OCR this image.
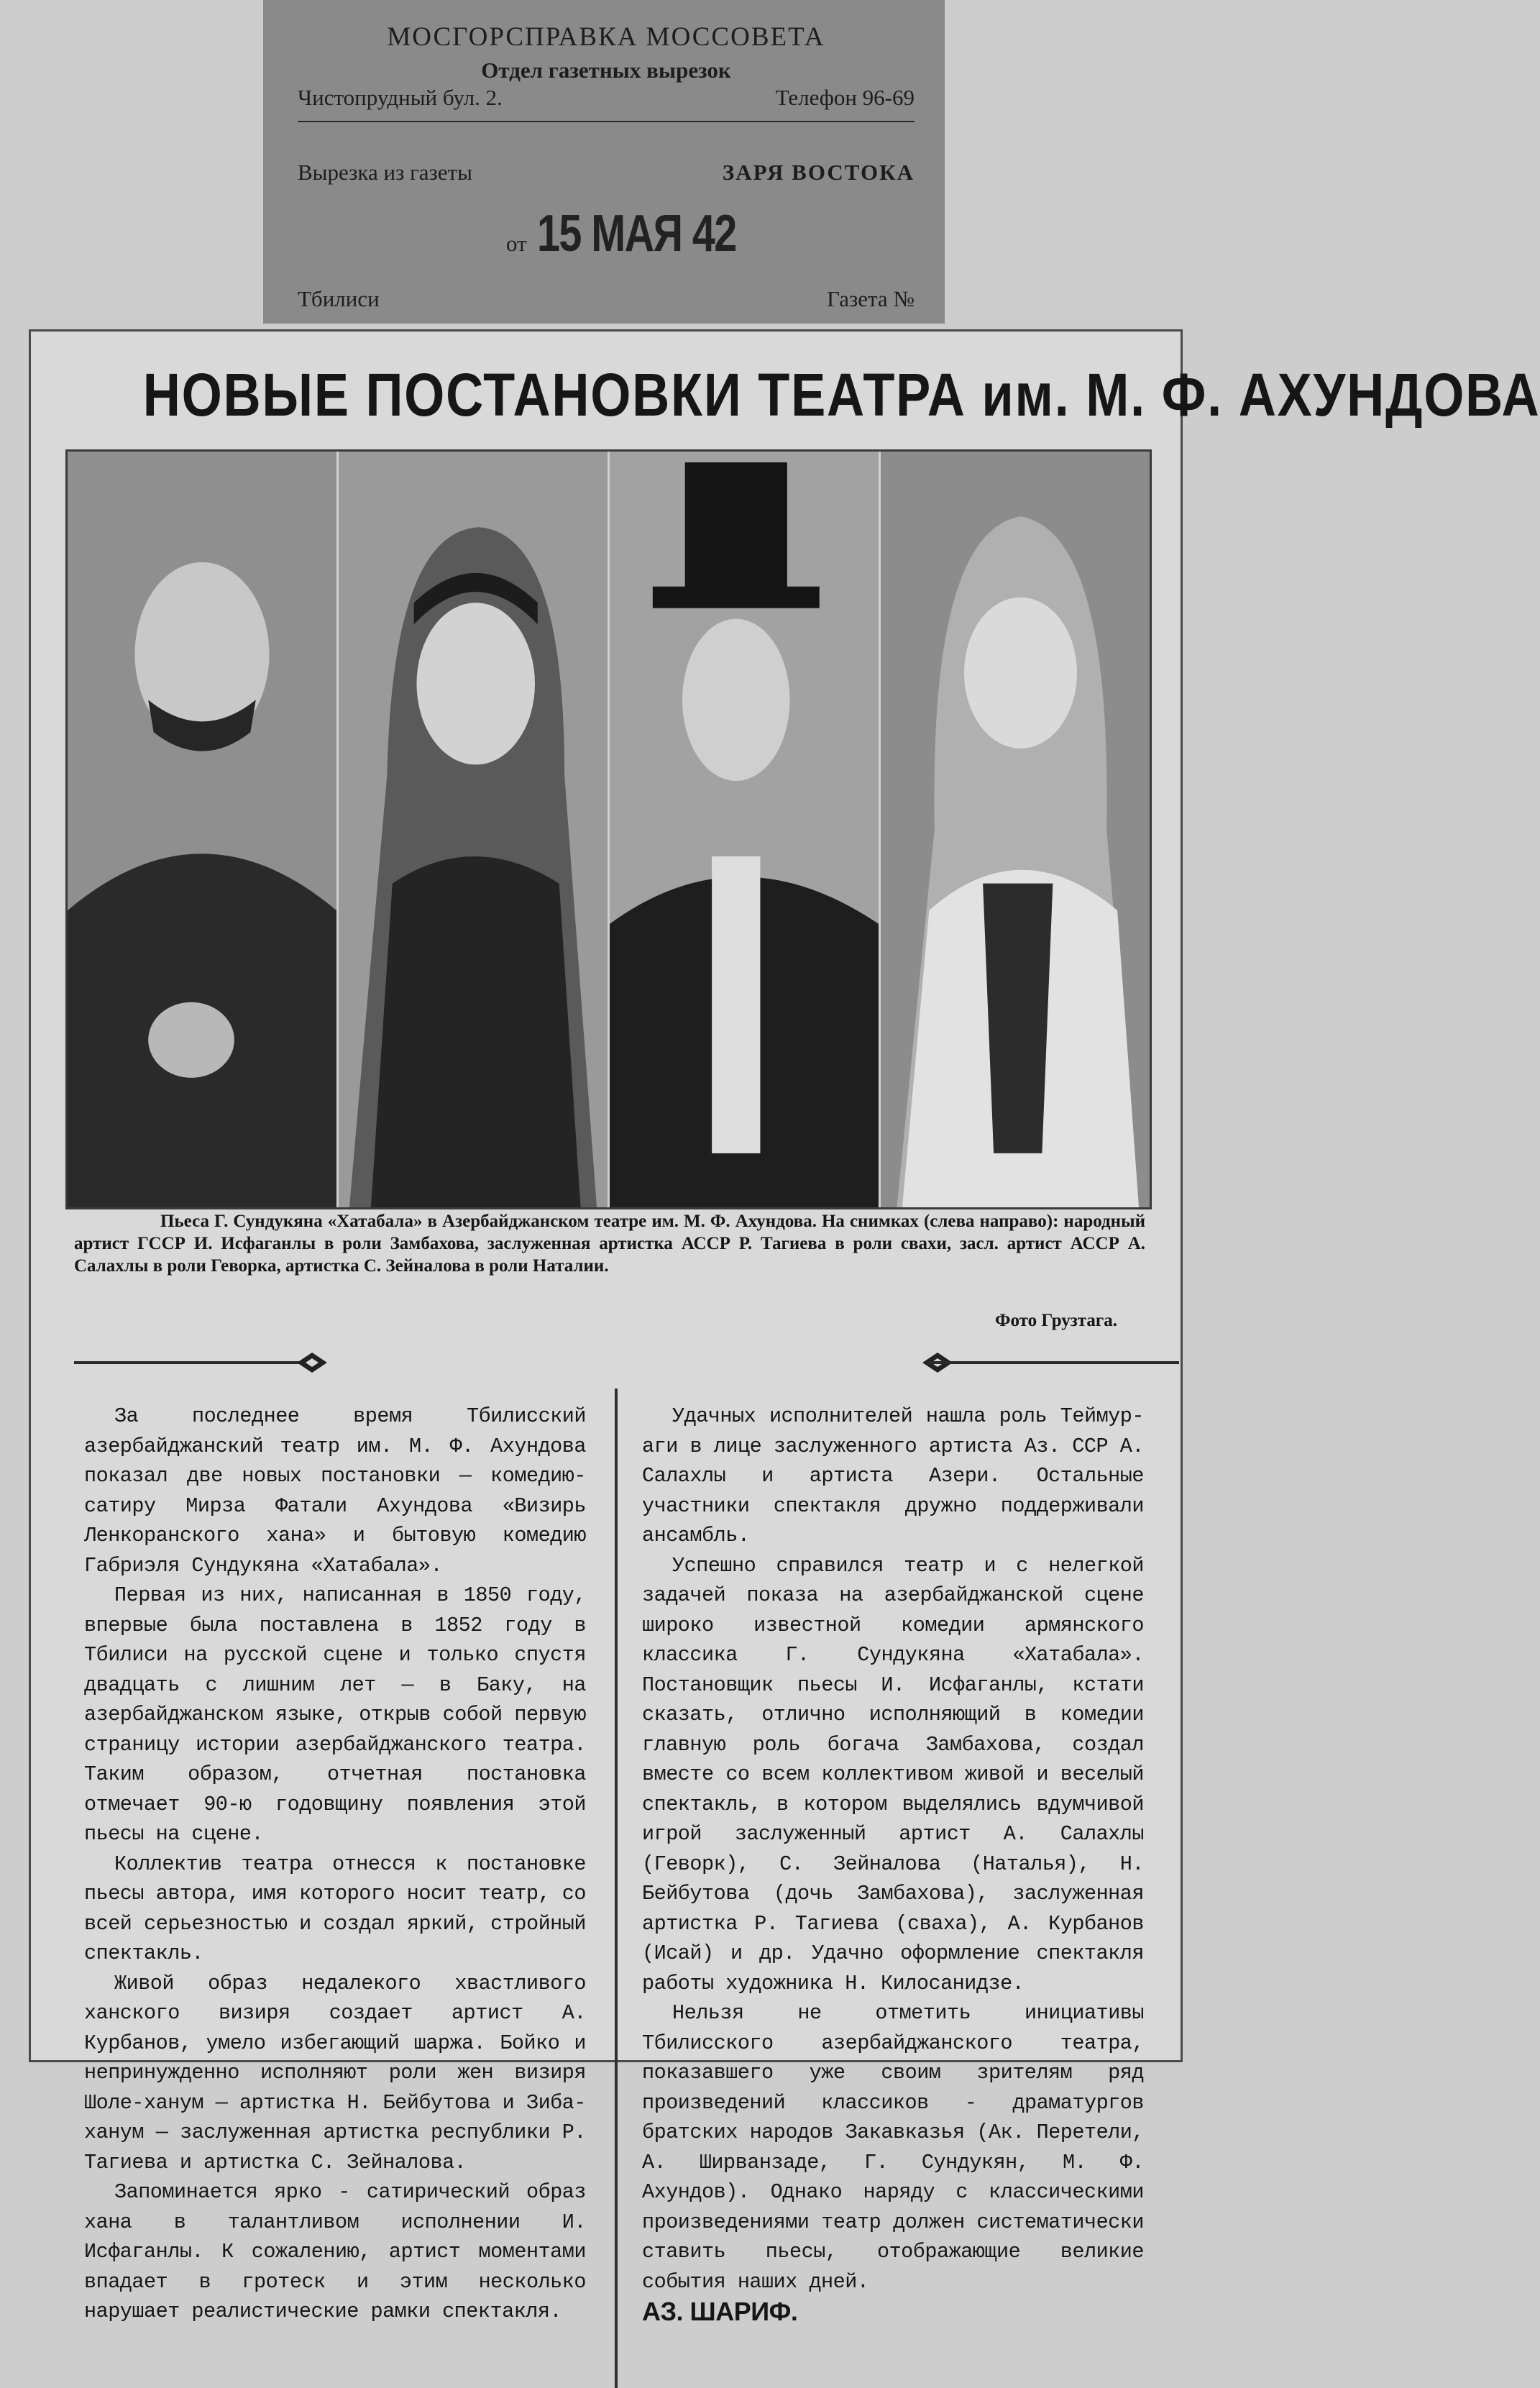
МОСГОРСПРАВКА МОССОВЕТА
Отдел газетных вырезок
Чистопрудный бул. 2.	Телефон 96-69
Вырезка из газеты	ЗАРЯ ВОСТОКА
от 15 МАЯ 42
Тбилиси	Газета №
НОВЫЕ ПОСТАНОВКИ ТЕАТРА им. М. Ф. АХУНДОВА
Пьеса Г. Сундукяна «Хатабала» в Азербайджанском театре им. М. Ф. Ахундова. На снимках (слева направо): народный артист ГССР И. Исфаганлы в роли Замбахова, заслуженная артистка АССР Р. Тагиева в роли свахи, засл. артист АССР А. Салахлы в роли Геворка, артистка С. Зейналова в роли Наталии.
Фото Грузтага.

За последнее время Тбилисский азербайджанский театр им. М. Ф. Ахундова показал две новых постановки — комедию-сатиру Мирза Фатали Ахундова «Визирь Ленкоранского хана» и бытовую комедию Габриэля Сундукяна «Хатабала».

Первая из них, написанная в 1850 году, впервые была поставлена в 1852 году в Тбилиси на русской сцене и только спустя двадцать с лишним лет — в Баку, на азербайджанском языке, открыв собой первую страницу истории азербайджанского театра. Таким образом, отчетная постановка отмечает 90-ю годовщину появления этой пьесы на сцене.

Коллектив театра отнесся к постановке пьесы автора, имя которого носит театр, со всей серьезностью и создал яркий, стройный спектакль.

Живой образ недалекого хвастливого ханского визиря создает артист А. Курбанов, умело избегающий шаржа. Бойко и непринужденно исполняют роли жен визиря Шоле-ханум — артистка Н. Бейбутова и Зиба-ханум — заслуженная артистка республики Р. Тагиева и артистка С. Зейналова.

Запоминается ярко - сатирический образ хана в талантливом исполнении И. Исфаганлы. К сожалению, артист моментами впадает в гротеск и этим несколько нарушает реалистические рамки спектакля.

Удачных исполнителей нашла роль Теймур-аги в лице заслуженного артиста Аз. ССР А. Салахлы и артиста Азери. Остальные участники спектакля дружно поддерживали ансамбль.

Успешно справился театр и с нелегкой задачей показа на азербайджанской сцене широко известной комедии армянского классика Г. Сундукяна «Хатабала». Постановщик пьесы И. Исфаганлы, кстати сказать, отлично исполняющий в комедии главную роль богача Замбахова, создал вместе со всем коллективом живой и веселый спектакль, в котором выделялись вдумчивой игрой заслуженный артист А. Салахлы (Геворк), С. Зейналова (Наталья), Н. Бейбутова (дочь Замбахова), заслуженная артистка Р. Тагиева (сваха), А. Курбанов (Исай) и др. Удачно оформление спектакля работы художника Н. Килосанидзе.

Нельзя не отметить инициативы Тбилисского азербайджанского театра, показавшего уже своим зрителям ряд произведений классиков - драматургов братских народов Закавказья (Ак. Перетели, А. Ширванзаде, Г. Сундукян, М. Ф. Ахундов). Однако наряду с классическими произведениями театр должен систематически ставить пьесы, отображающие великие события наших дней.

АЗ. ШАРИФ.
